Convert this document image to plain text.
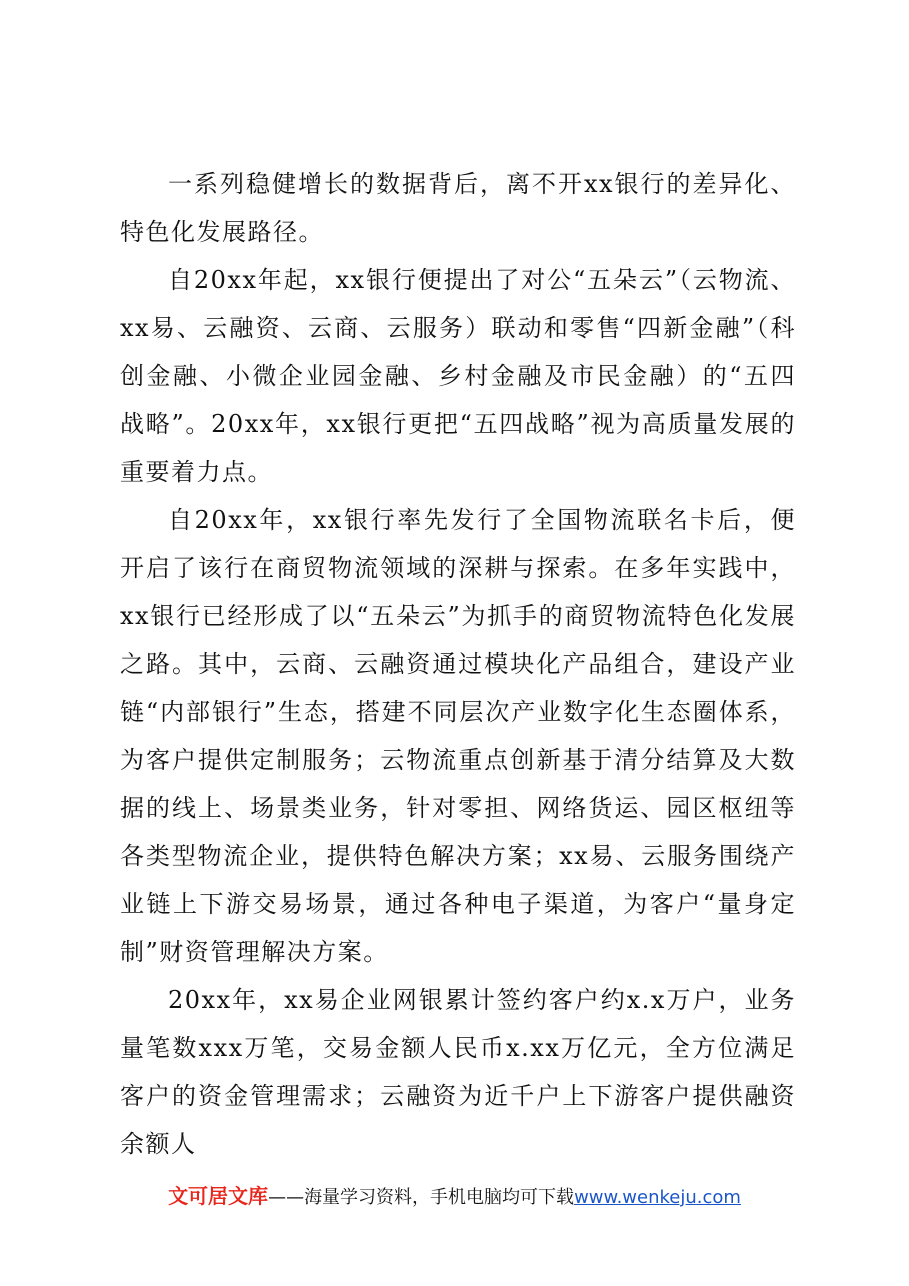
一系列稳健增长的数据背后，离不开xx银行的差异化、特色化发展路径。

自20xx年起，xx银行便提出了对公“五朵云”（云物流、xx易、云融资、云商、云服务）联动和零售“四新金融”（科创金融、小微企业园金融、乡村金融及市民金融）的“五四战略”。20xx年，xx银行更把“五四战略”视为高质量发展的重要着力点。

自20xx年，xx银行率先发行了全国物流联名卡后，便开启了该行在商贸物流领域的深耕与探索。在多年实践中，xx银行已经形成了以“五朵云”为抓手的商贸物流特色化发展之路。其中，云商、云融资通过模块化产品组合，建设产业链“内部银行”生态，搭建不同层次产业数字化生态圈体系，为客户提供定制服务；云物流重点创新基于清分结算及大数据的线上、场景类业务，针对零担、网络货运、园区枢纽等各类型物流企业，提供特色解决方案；xx易、云服务围绕产业链上下游交易场景，通过各种电子渠道，为客户“量身定制”财资管理解决方案。

20xx年，xx易企业网银累计签约客户约x.x万户，业务量笔数xxx万笔，交易金额人民币x.xx万亿元，全方位满足客户的资金管理需求；云融资为近千户上下游客户提供融资余额人

文可居文库——海量学习资料，手机电脑均可下载www.wenkeju.com
